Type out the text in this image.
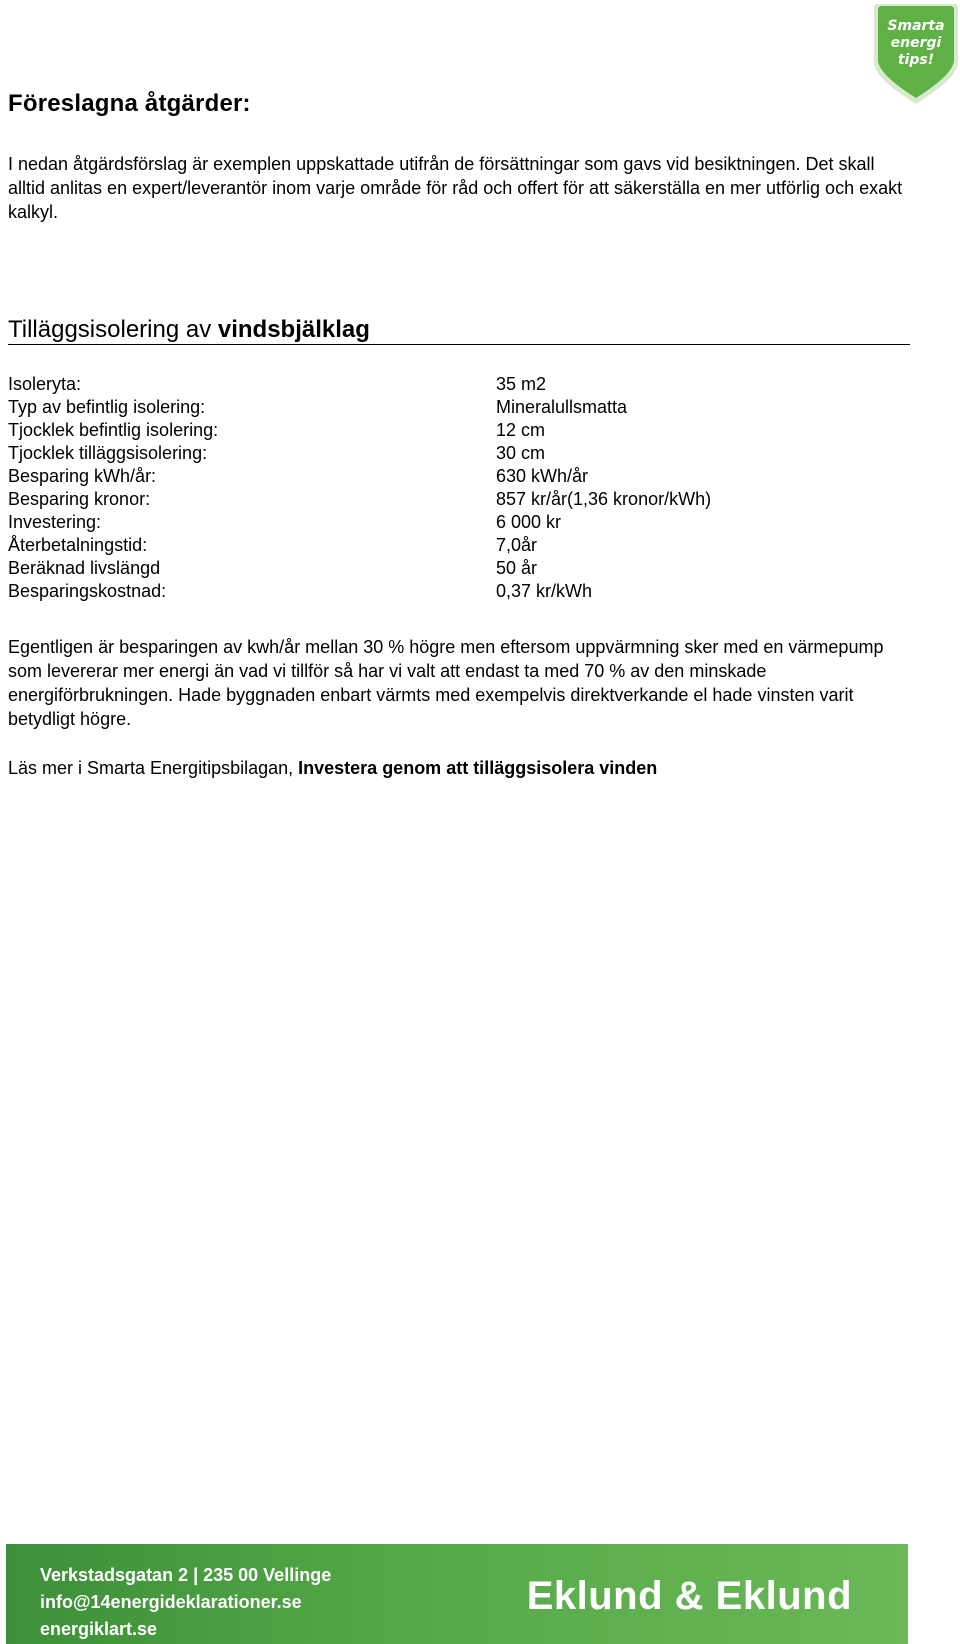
Smarta
energi
tips!
Föreslagna åtgärder:

I nedan åtgärdsförslag är exemplen uppskattade utifrån de försättningar som gavs vid besiktningen. Det skall alltid anlitas en expert/leverantör inom varje område för råd och offert för att säkerställa en mer utförlig och exakt kalkyl.

Tilläggsisolering av vindsbjälklag
Isoleryta:	35 m2
Typ av befintlig isolering:	Mineralullsmatta
Tjocklek befintlig isolering:	12 cm
Tjocklek tilläggsisolering:	30 cm
Besparing kWh/år:	630 kWh/år
Besparing kronor:	857 kr/år(1,36 kronor/kWh)
Investering:	6 000 kr
Återbetalningstid:	7,0år
Beräknad livslängd	50 år
Besparingskostnad:	0,37 kr/kWh

Egentligen är besparingen av kwh/år mellan 30 % högre men eftersom uppvärmning sker med en värmepump som levererar mer energi än vad vi tillför så har vi valt att endast ta med 70 % av den minskade energiförbrukningen. Hade byggnaden enbart värmts med exempelvis direktverkande el hade vinsten varit betydligt högre.

Läs mer i Smarta Energitipsbilagan, Investera genom att tilläggsisolera vinden

Verkstadsgatan 2 | 235 00 Vellinge
info@14energideklarationer.se
energiklart.se
Eklund & Eklund
